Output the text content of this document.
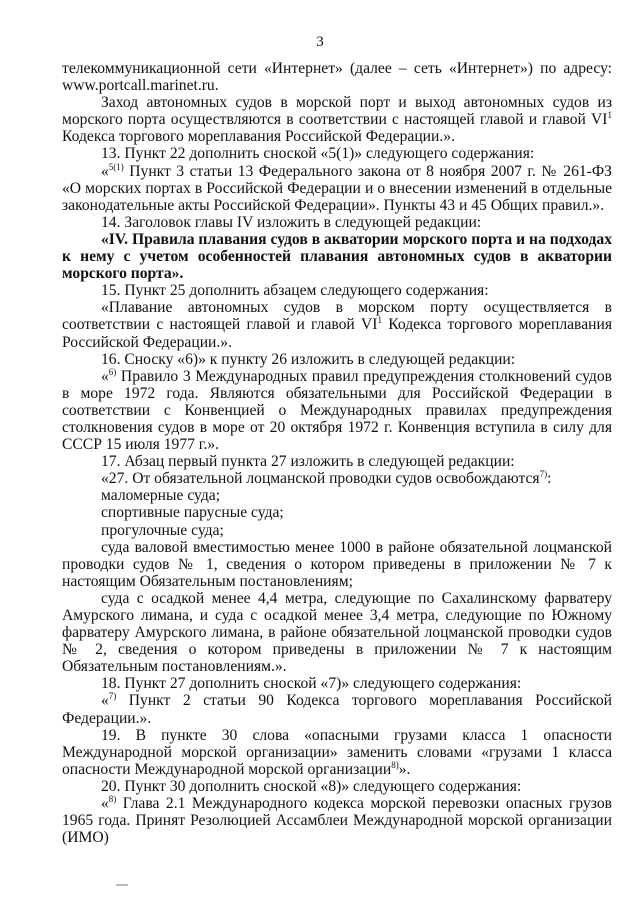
3

телекоммуникационной сети «Интернет» (далее – сеть «Интернет») по адресу: www.portcall.marinet.ru.

Заход автономных судов в морской порт и выход автономных судов из морского порта осуществляются в соответствии с настоящей главой и главой $VI^1$ Кодекса торгового мореплавания Российской Федерации.».

13. Пункт 22 дополнить сноской «5(1)» следующего содержания:

«$^{5(1)}$ Пункт 3 статьи 13 Федерального закона от 8 ноября 2007 г. № 261-ФЗ «О морских портах в Российской Федерации и о внесении изменений в отдельные законодательные акты Российской Федерации». Пункты 43 и 45 Общих правил.».

14. Заголовок главы IV изложить в следующей редакции:

«IV. Правила плавания судов в акватории морского порта и на подходах к нему с учетом особенностей плавания автономных судов в акватории морского порта».

15. Пункт 25 дополнить абзацем следующего содержания:

«Плавание автономных судов в морском порту осуществляется в соответствии с настоящей главой и главой $VI^1$ Кодекса торгового мореплавания Российской Федерации.».

16. Сноску «6)» к пункту 26 изложить в следующей редакции:

«$^{6)}$ Правило 3 Международных правил предупреждения столкновений судов в море 1972 года. Являются обязательными для Российской Федерации в соответствии с Конвенцией о Международных правилах предупреждения столкновения судов в море от 20 октября 1972 г. Конвенция вступила в силу для СССР 15 июля 1977 г.».

17. Абзац первый пункта 27 изложить в следующей редакции:

«27. От обязательной лоцманской проводки судов освобождаются$^{7)}$:

маломерные суда;

спортивные парусные суда;

прогулочные суда;

суда валовой вместимостью менее 1000 в районе обязательной лоцманской проводки судов № 1, сведения о котором приведены в приложении № 7 к настоящим Обязательным постановлениям;

суда с осадкой менее 4,4 метра, следующие по Сахалинскому фарватеру Амурского лимана, и суда с осадкой менее 3,4 метра, следующие по Южному фарватеру Амурского лимана, в районе обязательной лоцманской проводки судов № 2, сведения о котором приведены в приложении № 7 к настоящим Обязательным постановлениям.».

18. Пункт 27 дополнить сноской «7)» следующего содержания:

«$^{7)}$ Пункт 2 статьи 90 Кодекса торгового мореплавания Российской Федерации.».

19. В пункте 30 слова «опасными грузами класса 1 опасности Международной морской организации» заменить словами «грузами 1 класса опасности Международной морской организации$^{8)}$».

20. Пункт 30 дополнить сноской «8)» следующего содержания:

«$^{8)}$ Глава 2.1 Международного кодекса морской перевозки опасных грузов 1965 года. Принят Резолюцией Ассамблеи Международной морской организации (ИМО)
